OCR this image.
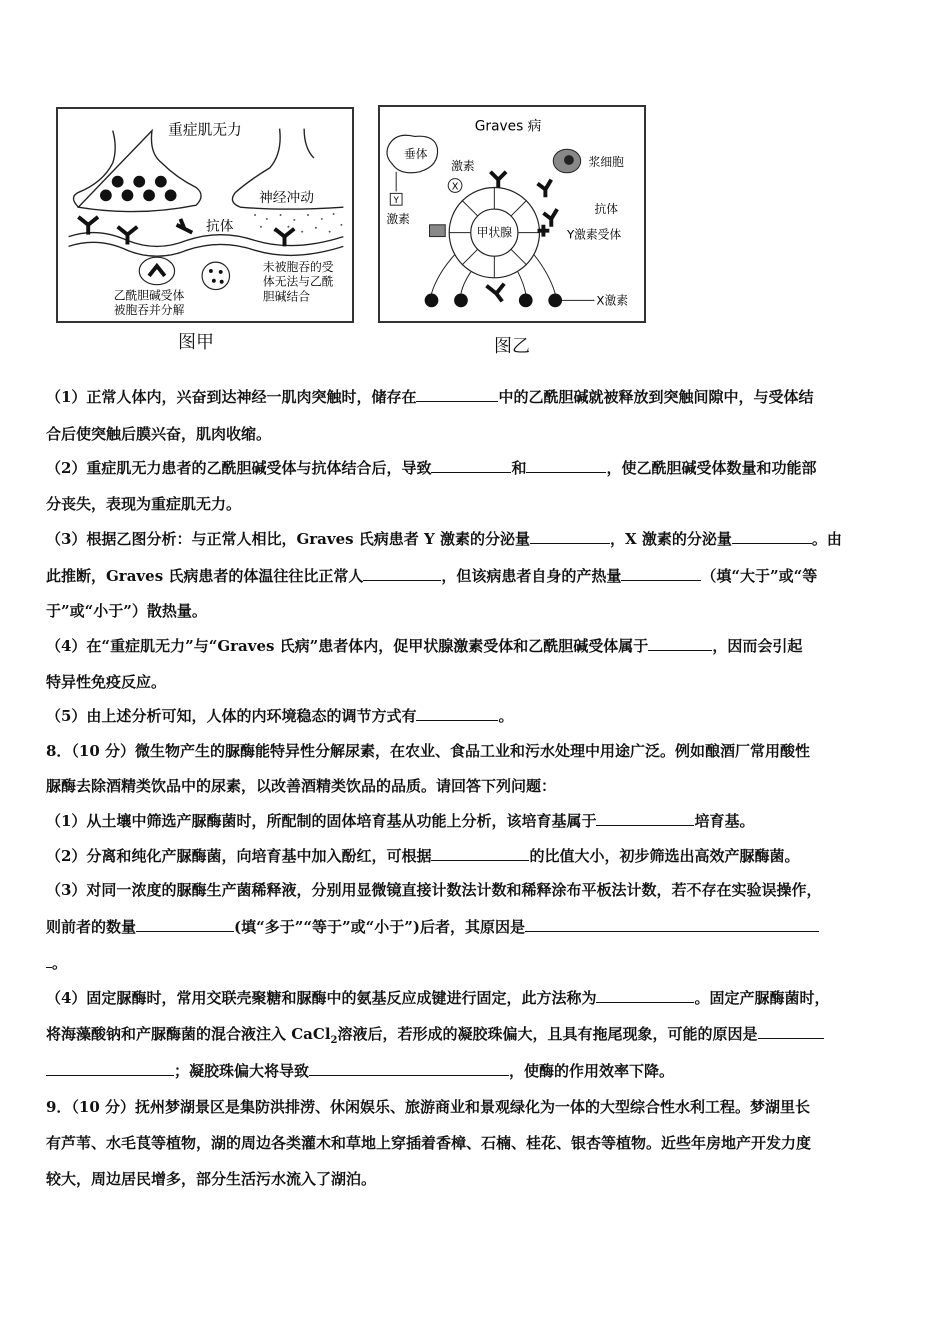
重症肌无力
神经冲动
抗体
乙酰胆碱受体
被胞吞并分解
未被胞吞的受
体无法与乙酰
胆碱结合
图甲
Graves 病
垂体
激素
X
Y
激素
浆细胞
甲状腺
抗体
Y激素受体
X激素
图乙
（1）正常人体内，兴奋到达神经一肌肉突触时，储存在	中的乙酰胆碱就被释放到突触间隙中，与受体结
合后使突触后膜兴奋，肌肉收缩。
（2）重症肌无力患者的乙酰胆碱受体与抗体结合后，导致	和	，使乙酰胆碱受体数量和功能部
分丧失，表现为重症肌无力。
（3）根据乙图分析：与正常人相比，Graves 氏病患者 Y 激素的分泌量	，X 激素的分泌量	。由
此推断，Graves 氏病患者的体温往往比正常人	，但该病患者自身的产热量	（填“大于”或“等
于”或“小于”）散热量。
（4）在“重症肌无力”与“Graves 氏病”患者体内，促甲状腺激素受体和乙酰胆碱受体属于	，因而会引起
特异性免疫反应。
（5）由上述分析可知，人体的内环境稳态的调节方式有	。
8．（10 分）微生物产生的脲酶能特异性分解尿素，在农业、食品工业和污水处理中用途广泛。例如酿酒厂常用酸性
脲酶去除酒精类饮品中的尿素，以改善酒精类饮品的品质。请回答下列问题：
（1）从土壤中筛选产脲酶菌时，所配制的固体培育基从功能上分析，该培育基属于	培育基。
（2）分离和纯化产脲酶菌，向培育基中加入酚红，可根据	的比值大小，初步筛选出高效产脲酶菌。
（3）对同一浓度的脲酶生产菌稀释液，分别用显微镜直接计数法计数和稀释涂布平板法计数，若不存在实验误操作，
则前者的数量	(填“多于”“等于”或“小于”)后者，其原因是
。
（4）固定脲酶时，常用交联壳聚糖和脲酶中的氨基反应成键进行固定，此方法称为	。固定产脲酶菌时，
将海藻酸钠和产脲酶菌的混合液注入 CaCl$_2$溶液后，若形成的凝胶珠偏大，且具有拖尾现象，可能的原因是
；凝胶珠偏大将导致	，使酶的作用效率下降。
9．（10 分）抚州梦湖景区是集防洪排涝、休闲娱乐、旅游商业和景观绿化为一体的大型综合性水利工程。梦湖里长
有芦苇、水毛茛等植物，湖的周边各类灌木和草地上穿插着香樟、石楠、桂花、银杏等植物。近些年房地产开发力度
较大，周边居民增多，部分生活污水流入了湖泊。
